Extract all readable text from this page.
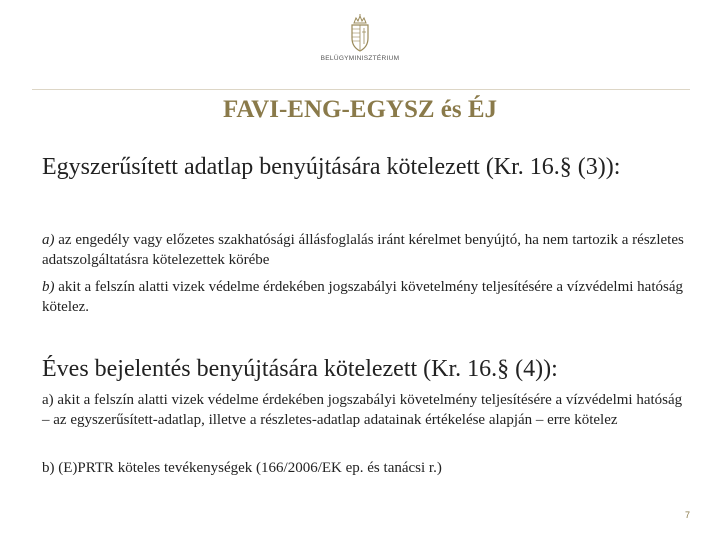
BELÜGYMINISZTÉRIUM
FAVI-ENG-EGYSZ és ÉJ
Egyszerűsített adatlap benyújtására kötelezett (Kr. 16.§ (3)):
a) az engedély vagy előzetes szakhatósági állásfoglalás iránt kérelmet benyújtó, ha nem tartozik a részletes adatszolgáltatásra kötelezettek körébe
b) akit a felszín alatti vizek védelme érdekében jogszabályi követelmény teljesítésére a vízvédelmi hatóság kötelez.
Éves bejelentés benyújtására kötelezett (Kr. 16.§ (4)):
a) akit a felszín alatti vizek védelme érdekében jogszabályi követelmény teljesítésére a vízvédelmi hatóság – az egyszerűsített-adatlap, illetve a részletes-adatlap adatainak értékelése alapján – erre kötelez
b) (E)PRTR köteles tevékenységek (166/2006/EK ep. és tanácsi r.)
7
